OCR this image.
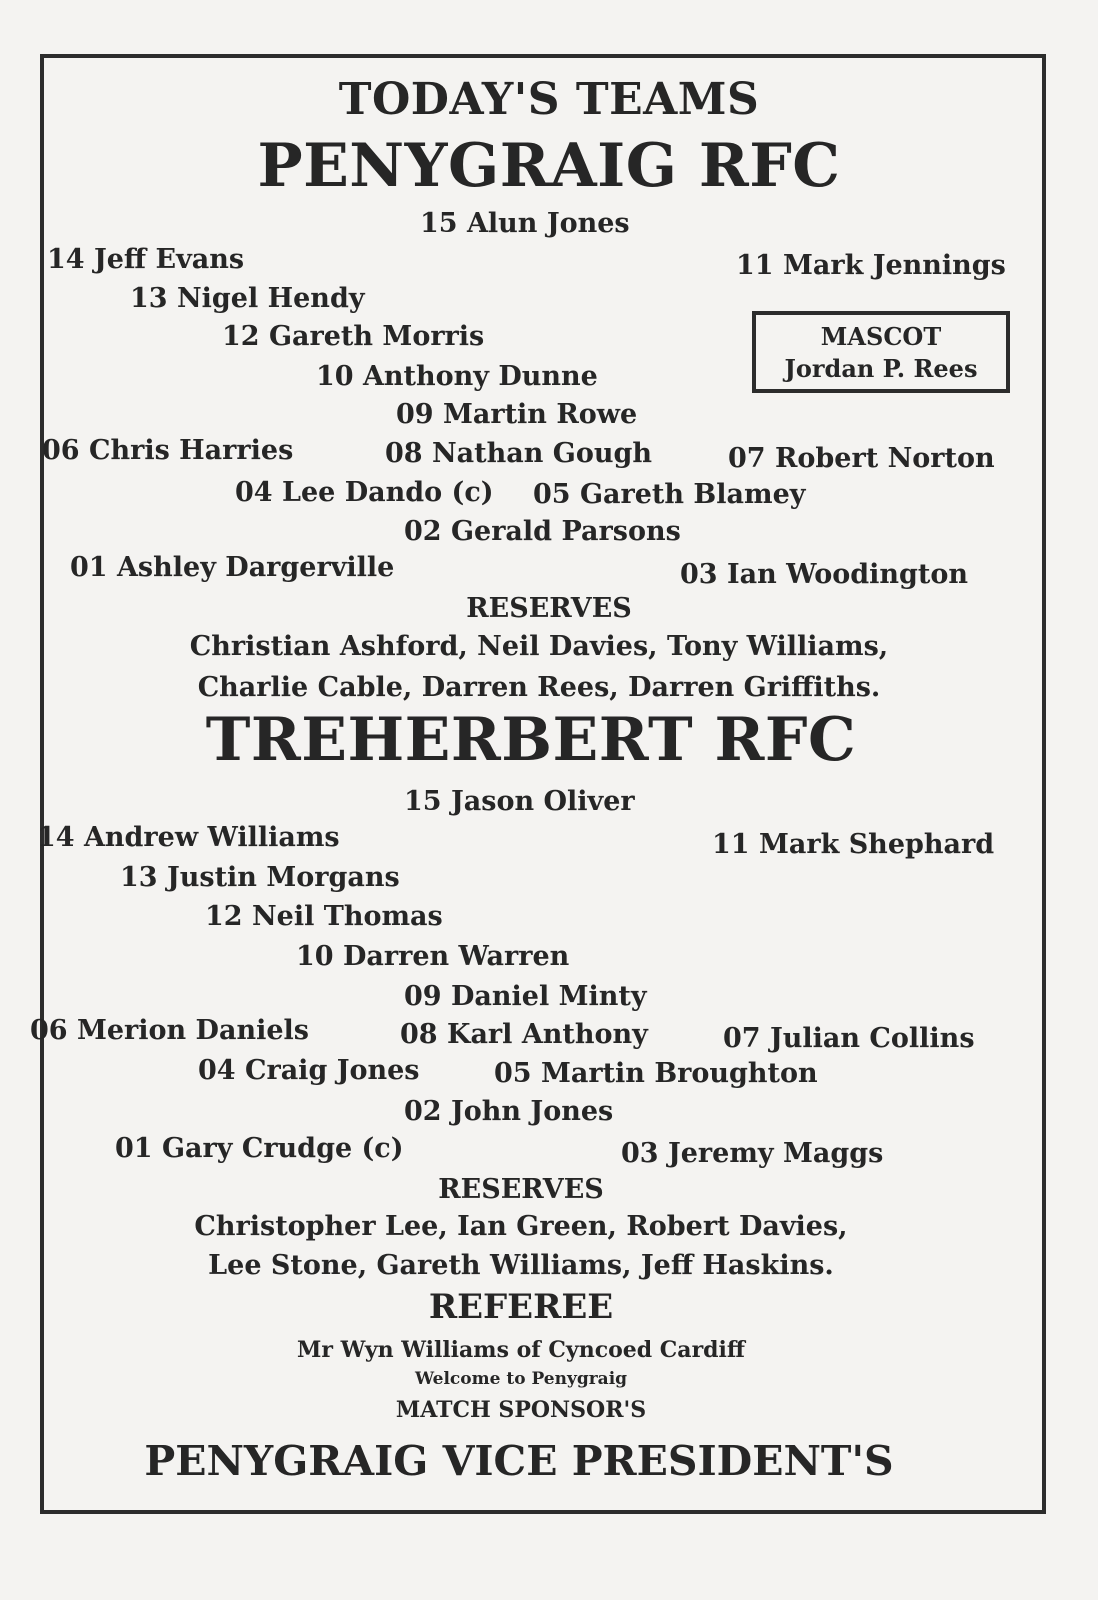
TODAY'S TEAMS
PENYGRAIG RFC
15 Alun Jones
14 Jeff Evans	11 Mark Jennings
13 Nigel Hendy
12 Gareth Morris
10 Anthony Dunne
09 Martin Rowe
06 Chris Harries	08 Nathan Gough	07 Robert Norton
04 Lee Dando (c) 05 Gareth Blamey
02 Gerald Parsons
01 Ashley Dargerville	03 Ian Woodington
MASCOT
Jordan P. Rees
RESERVES
Christian Ashford, Neil Davies, Tony Williams,
Charlie Cable, Darren Rees, Darren Griffiths.
TREHERBERT RFC
15 Jason Oliver
14 Andrew Williams	11 Mark Shephard
13 Justin Morgans
12 Neil Thomas
10 Darren Warren
09 Daniel Minty
06 Merion Daniels	08 Karl Anthony	07 Julian Collins
04 Craig Jones	05 Martin Broughton
02 John Jones
01 Gary Crudge (c)	03 Jeremy Maggs
RESERVES
Christopher Lee, Ian Green, Robert Davies,
Lee Stone, Gareth Williams, Jeff Haskins.
REFEREE
Mr Wyn Williams of Cyncoed Cardiff
Welcome to Penygraig
MATCH SPONSOR'S
PENYGRAIG VICE PRESIDENT'S
